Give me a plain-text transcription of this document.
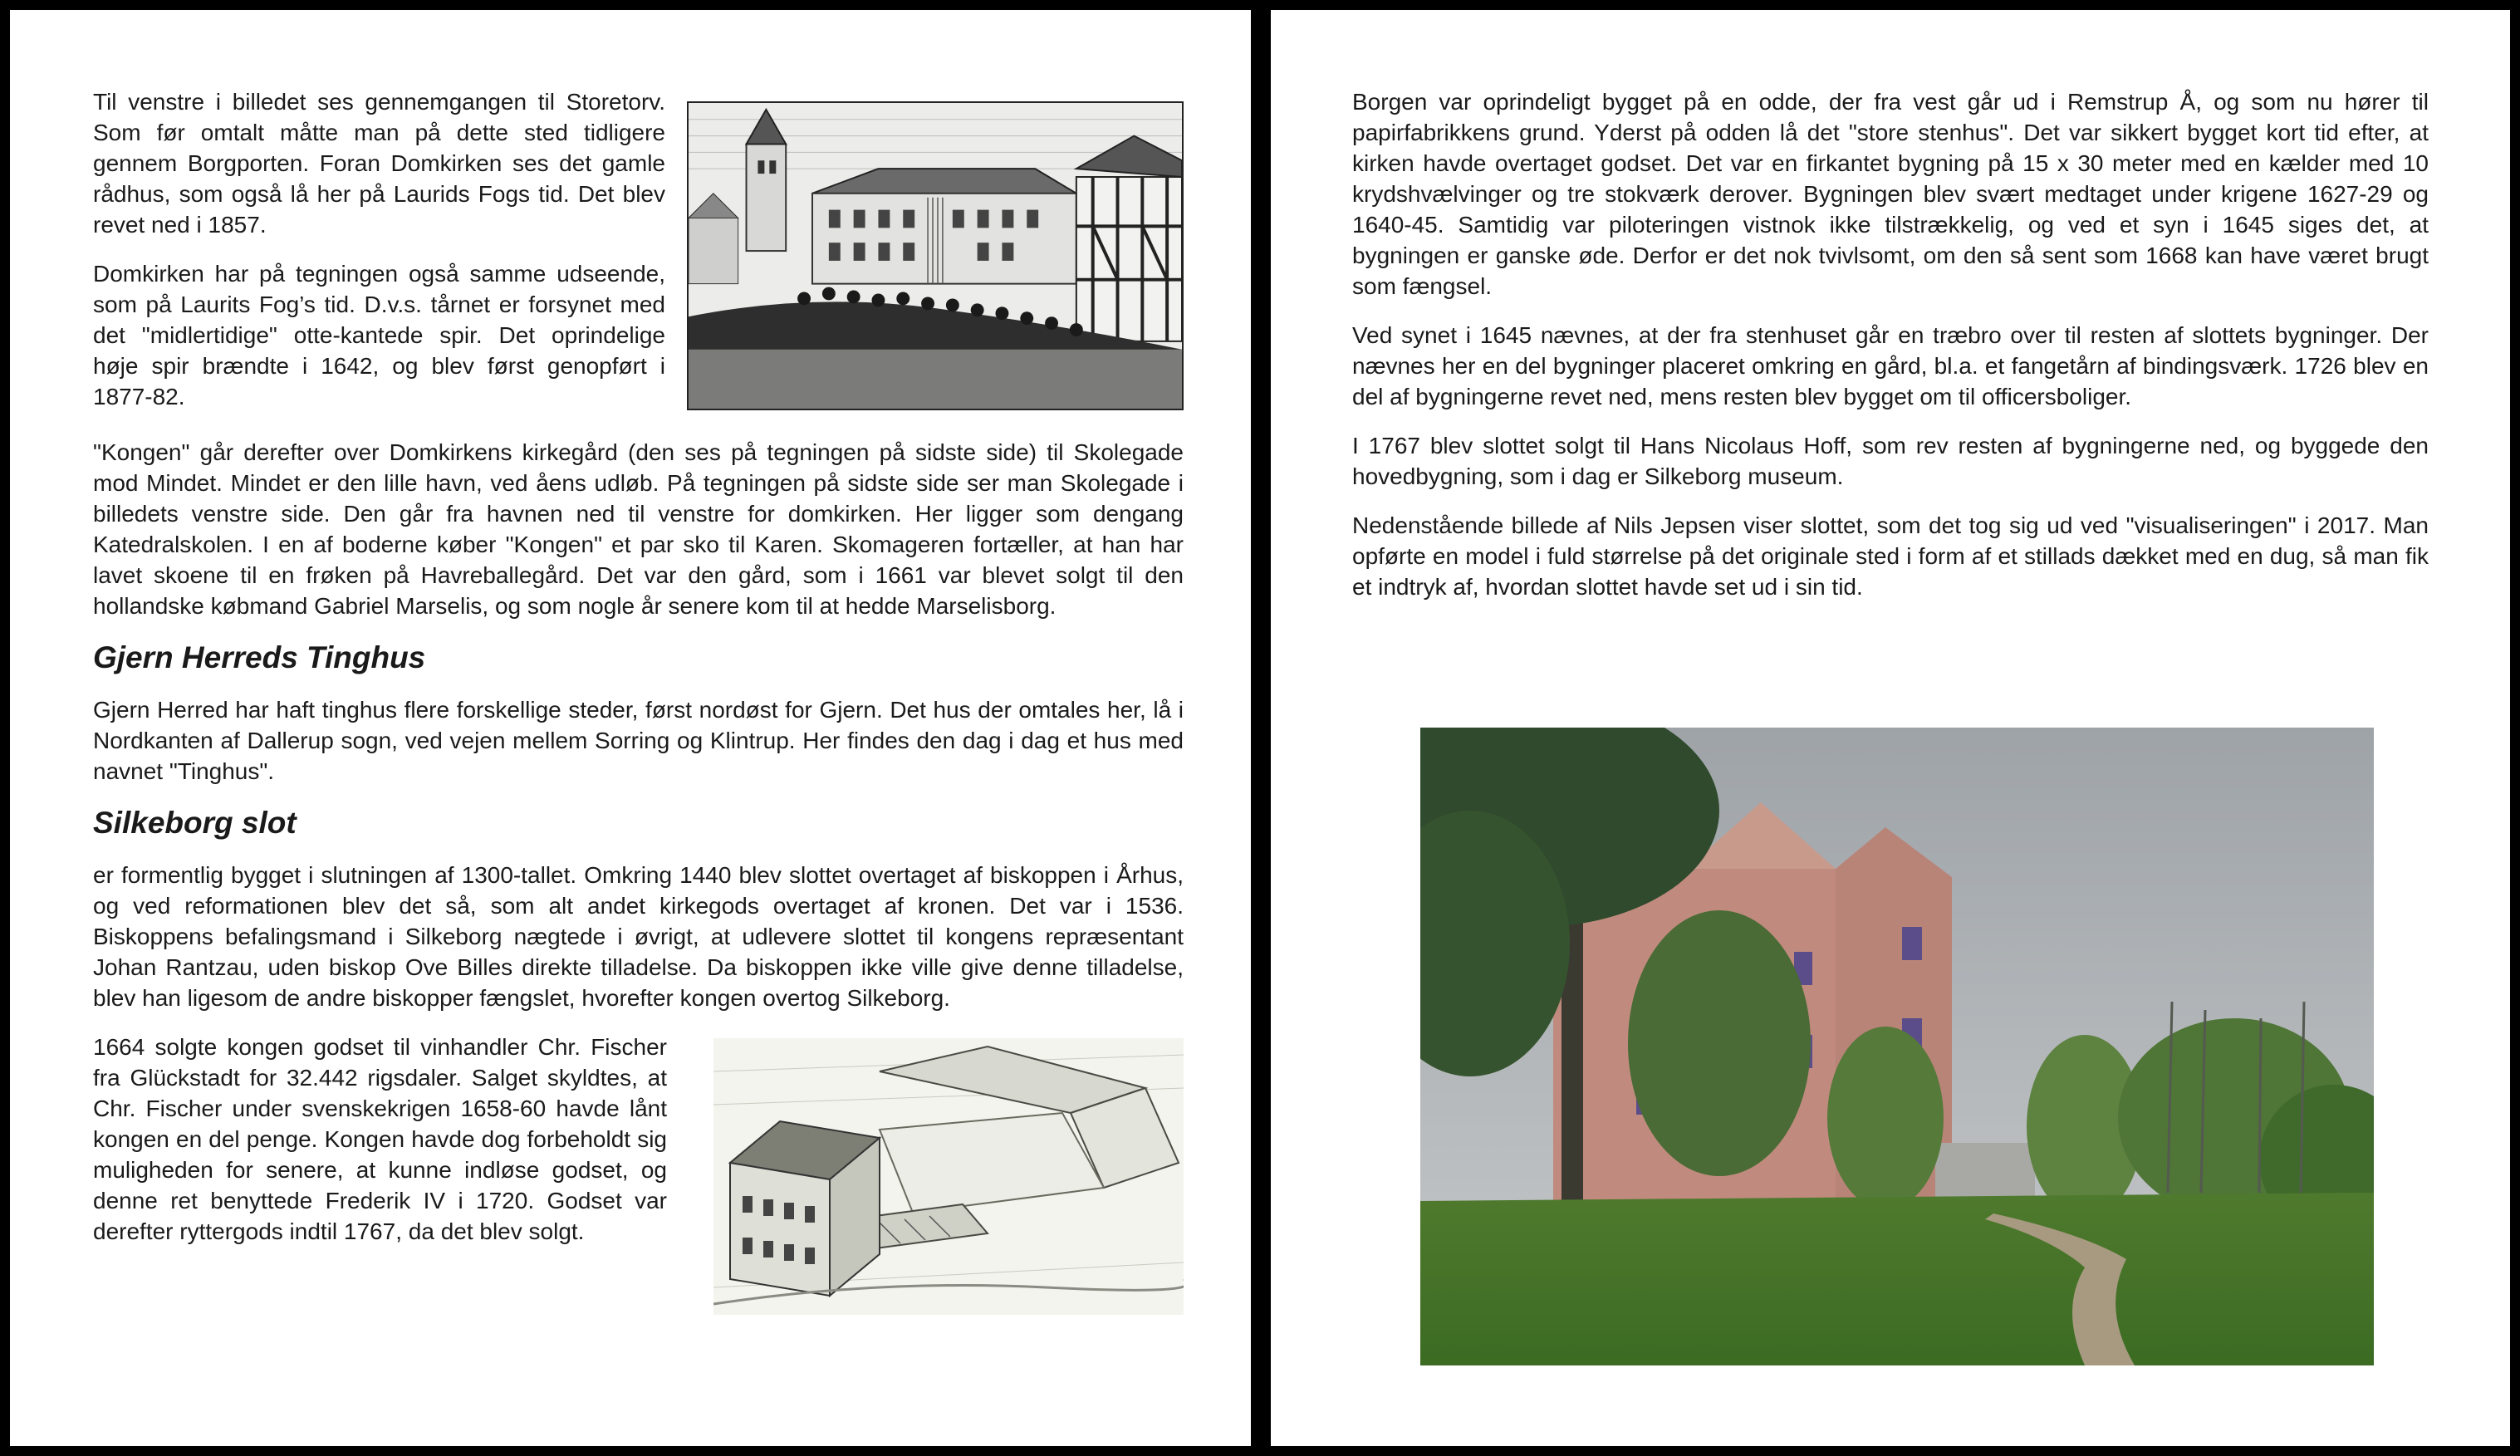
Til venstre i billedet ses gennemgangen til Storetorv. Som før omtalt måtte man på dette sted tidligere gennem Borgporten. Foran Domkirken ses det gamle rådhus, som også lå her på Laurids Fogs tid. Det blev revet ned i 1857.

Domkirken har på tegningen også samme udseende, som på Laurits Fog’s tid. D.v.s. tårnet er forsynet med det "midlertidige" otte-kantede spir. Det oprindelige høje spir brændte i 1642, og blev først genopført i 1877-82.

"Kongen" går derefter over Domkirkens kirkegård (den ses på tegningen på sidste side) til Skolegade mod Mindet. Mindet er den lille havn, ved åens udløb. På tegningen på sidste side ser man Skolegade i billedets venstre side. Den går fra havnen ned til venstre for domkirken. Her ligger som dengang Katedralskolen. I en af boderne køber "Kongen" et par sko til Karen. Skomageren fortæller, at han har lavet skoene til en frøken på Havreballegård. Det var den gård, som i 1661 var blevet solgt til den hollandske købmand Gabriel Marselis, og som nogle år senere kom til at hedde Marselisborg.

Gjern Herreds Tinghus

Gjern Herred har haft tinghus flere forskellige steder, først nordøst for Gjern. Det hus der omtales her, lå i Nordkanten af Dallerup sogn, ved vejen mellem Sorring og Klintrup. Her findes den dag i dag et hus med navnet "Tinghus".

Silkeborg slot

er formentlig bygget i slutningen af 1300-tallet. Omkring 1440 blev slottet overtaget af biskoppen i Århus, og ved reformationen blev det så, som alt andet kirkegods overtaget af kronen. Det var i 1536. Biskoppens befalingsmand i Silkeborg nægtede i øvrigt, at udlevere slottet til kongens repræsentant Johan Rantzau, uden biskop Ove Billes direkte tilladelse. Da biskoppen ikke ville give denne tilladelse, blev han ligesom de andre biskopper fængslet, hvorefter kongen overtog Silkeborg.

1664 solgte kongen godset til vinhandler Chr. Fischer fra Glückstadt for 32.442 rigsdaler. Salget skyldtes, at Chr. Fischer under svenskekrigen 1658-60 havde lånt kongen en del penge. Kongen havde dog forbeholdt sig muligheden for senere, at kunne indløse godset, og denne ret benyttede Frederik IV i 1720. Godset var derefter ryttergods indtil 1767, da det blev solgt.

Borgen var oprindeligt bygget på en odde, der fra vest går ud i Remstrup Å, og som nu hører til papirfabrikkens grund. Yderst på odden lå det "store stenhus". Det var sikkert bygget kort tid efter, at kirken havde overtaget godset. Det var en firkantet bygning på 15 x 30 meter med en kælder med 10 krydshvælvinger og tre stokværk derover. Bygningen blev svært medtaget under krigene 1627-29 og 1640-45. Samtidig var piloteringen vistnok ikke tilstrækkelig, og ved et syn i 1645 siges det, at bygningen er ganske øde. Derfor er det nok tvivlsomt, om den så sent som 1668 kan have været brugt som fængsel.

Ved synet i 1645 nævnes, at der fra stenhuset går en træbro over til resten af slottets bygninger. Der nævnes her en del bygninger placeret omkring en gård, bl.a. et fangetårn af bindingsværk. 1726 blev en del af bygningerne revet ned, mens resten blev bygget om til officersboliger.

I 1767 blev slottet solgt til Hans Nicolaus Hoff, som rev resten af bygningerne ned, og byggede den hovedbygning, som i dag er Silkeborg museum.

Nedenstående billede af Nils Jepsen viser slottet, som det tog sig ud ved "visualiseringen" i 2017. Man opførte en model i fuld størrelse på det originale sted i form af et stillads dækket med en dug, så man fik et indtryk af, hvordan slottet havde set ud i sin tid.
